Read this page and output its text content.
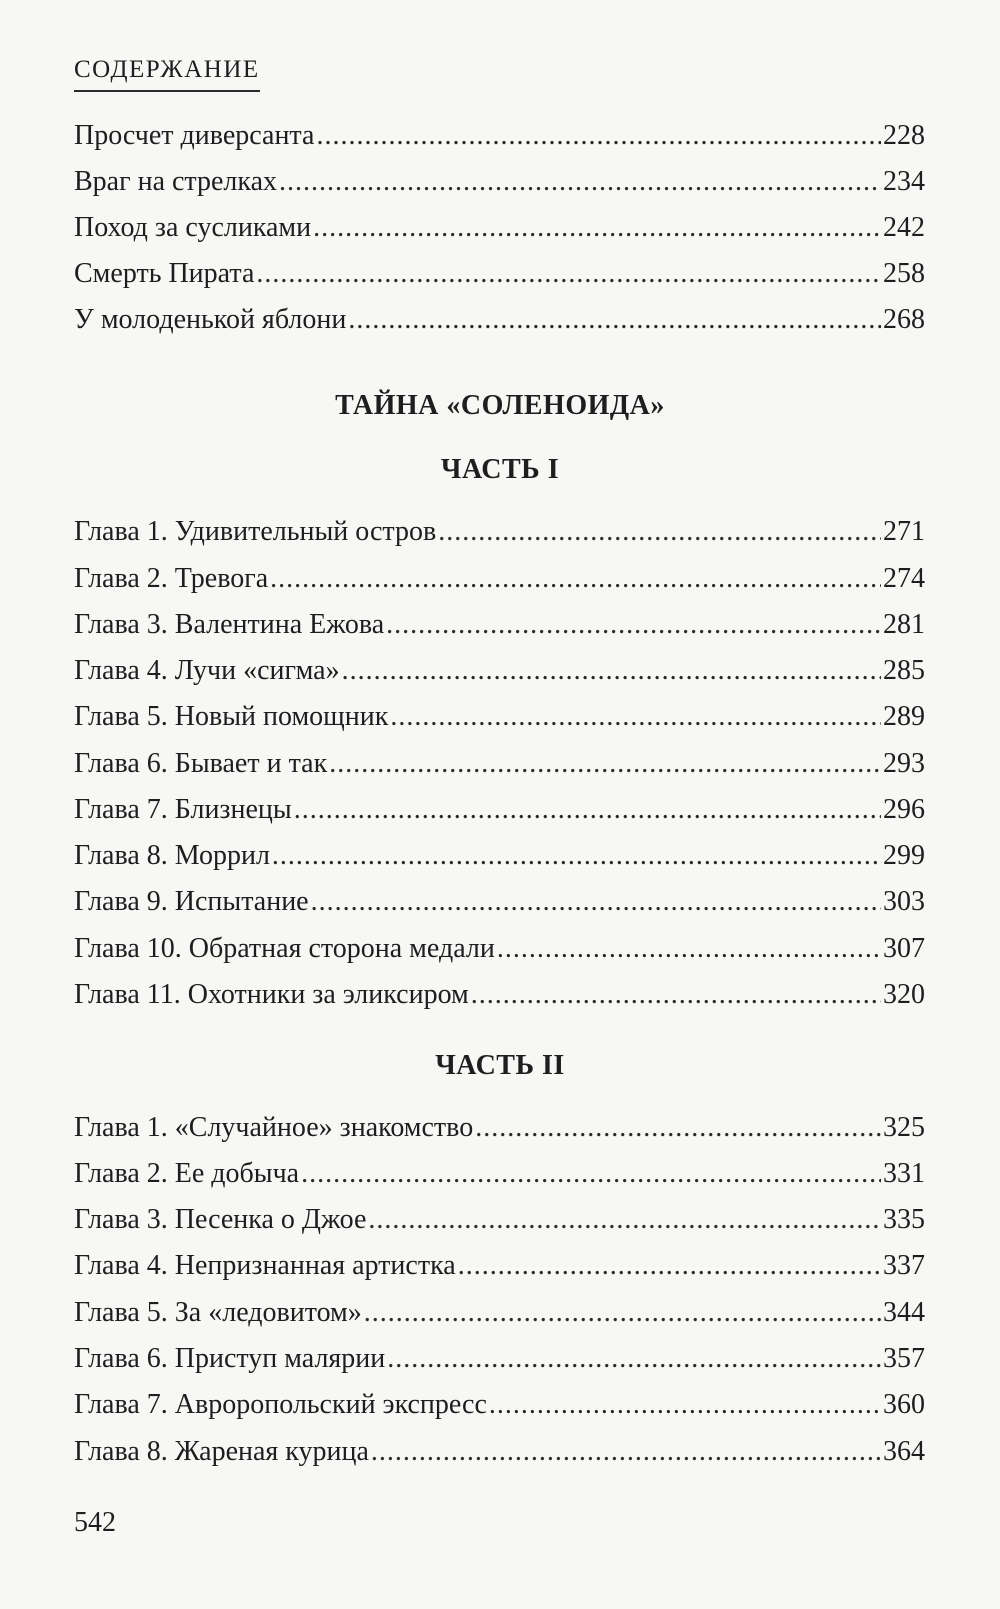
СОДЕРЖАНИЕ
Просчет диверсанта .....	228
Враг на стрелках .....	234
Поход за сусликами .....	242
Смерть Пирата .....	258
У молоденькой яблони .....	268
ТАЙНА «СОЛЕНОИДА»
ЧАСТЬ I
Глава 1. Удивительный остров .....	271
Глава 2. Тревога .....	274
Глава 3. Валентина Ежова .....	281
Глава 4. Лучи «сигма» .....	285
Глава 5. Новый помощник .....	289
Глава 6. Бывает и так .....	293
Глава 7. Близнецы .....	296
Глава 8. Моррил .....	299
Глава 9. Испытание .....	303
Глава 10. Обратная сторона медали .....	307
Глава 11. Охотники за эликсиром .....	320
ЧАСТЬ II
Глава 1. «Случайное» знакомство .....	325
Глава 2. Ее добыча .....	331
Глава 3. Песенка о Джое .....	335
Глава 4. Непризнанная артистка .....	337
Глава 5. За «ледовитом» .....	344
Глава 6. Приступ малярии .....	357
Глава 7. Авроропольский экспресс .....	360
Глава 8. Жареная курица .....	364
542
